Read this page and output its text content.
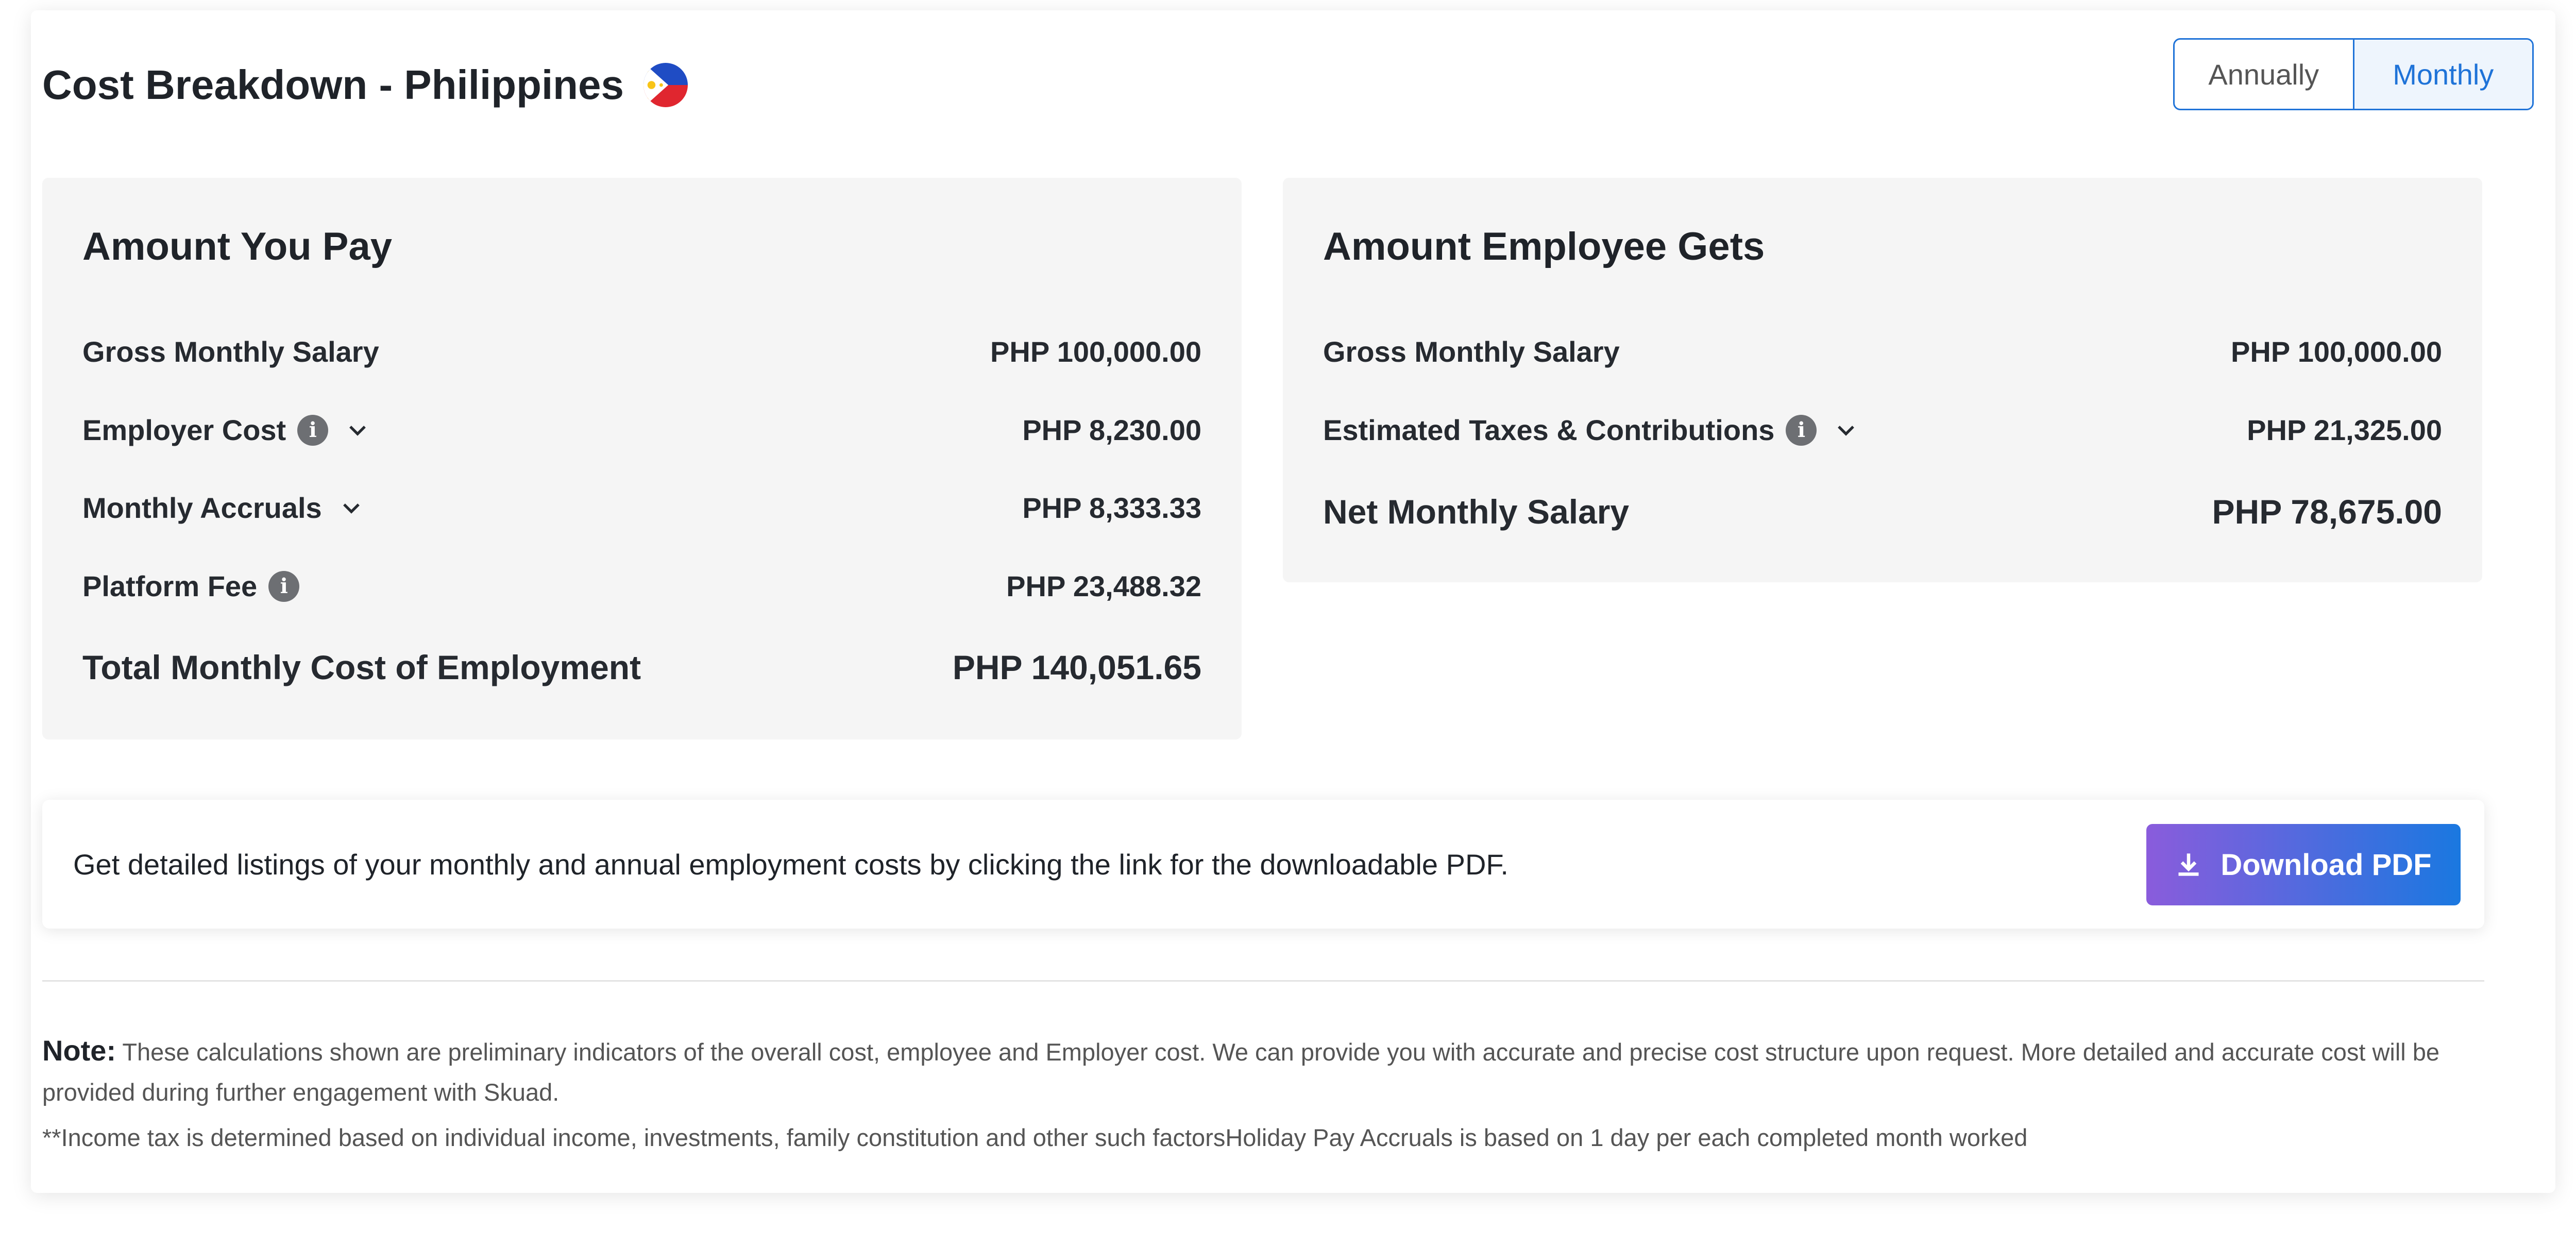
Cost Breakdown - Philippines	Annually	Monthly
Amount You Pay
Gross Monthly Salary	PHP 100,000.00
Employer Cost	i	PHP 8,230.00
Monthly Accruals	PHP 8,333.33
Platform Fee	i	PHP 23,488.32
Total Monthly Cost of Employment	PHP 140,051.65
Amount Employee Gets
Gross Monthly Salary	PHP 100,000.00
Estimated Taxes & Contributions	i	PHP 21,325.00
Net Monthly Salary	PHP 78,675.00
Get detailed listings of your monthly and annual employment costs by clicking the link for the downloadable PDF.	Download PDF
Note: These calculations shown are preliminary indicators of the overall cost, employee and Employer cost. We can provide you with accurate and precise cost structure upon request. More detailed and accurate cost will be provided during further engagement with Skuad.
**Income tax is determined based on individual income, investments, family constitution and other such factorsHoliday Pay Accruals is based on 1 day per each completed month worked
